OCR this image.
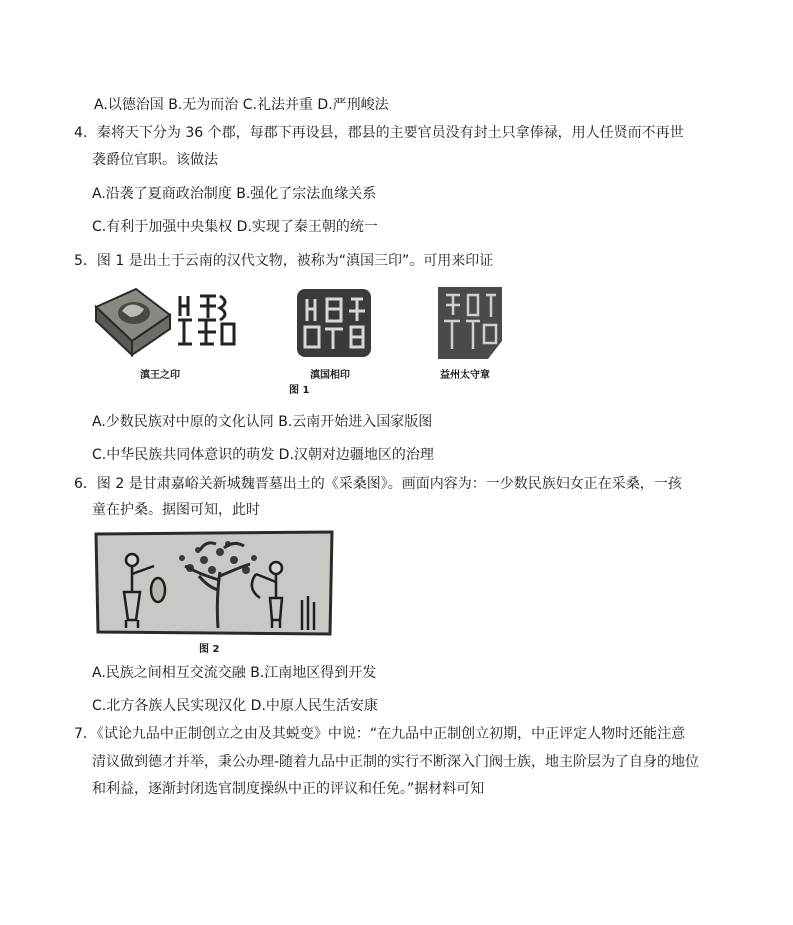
A.以德治国 B.无为而治 C.礼法并重 D.严刑峻法
4．秦将天下分为 36 个郡，每郡下再设县，郡县的主要官员没有封土只拿俸禄，用人任贤而不再世
袭爵位官职。该做法
A.沿袭了夏商政治制度 B.强化了宗法血缘关系
C.有利于加强中央集权 D.实现了秦王朝的统一
5．图 1 是出土于云南的汉代文物，被称为“滇国三印”。可用来印证
滇王之印	滇国相印
图 1
益州太守章
A.少数民族对中原的文化认同 B.云南开始进入国家版图
C.中华民族共同体意识的萌发 D.汉朝对边疆地区的治理
6．图 2 是甘肃嘉峪关新城魏晋墓出土的《采桑图》。画面内容为：一少数民族妇女正在采桑，一孩
童在护桑。据图可知，此时
图 2
A.民族之间相互交流交融 B.江南地区得到开发
C.北方各族人民实现汉化 D.中原人民生活安康
7．《试论九品中正制创立之由及其蜕变》中说：“在九品中正制创立初期，中正评定人物时还能注意
清议做到德才并举，秉公办理-随着九品中正制的实行不断深入门阀士族，地主阶层为了自身的地位
和利益，逐渐封闭选官制度操纵中正的评议和任免。”据材料可知
